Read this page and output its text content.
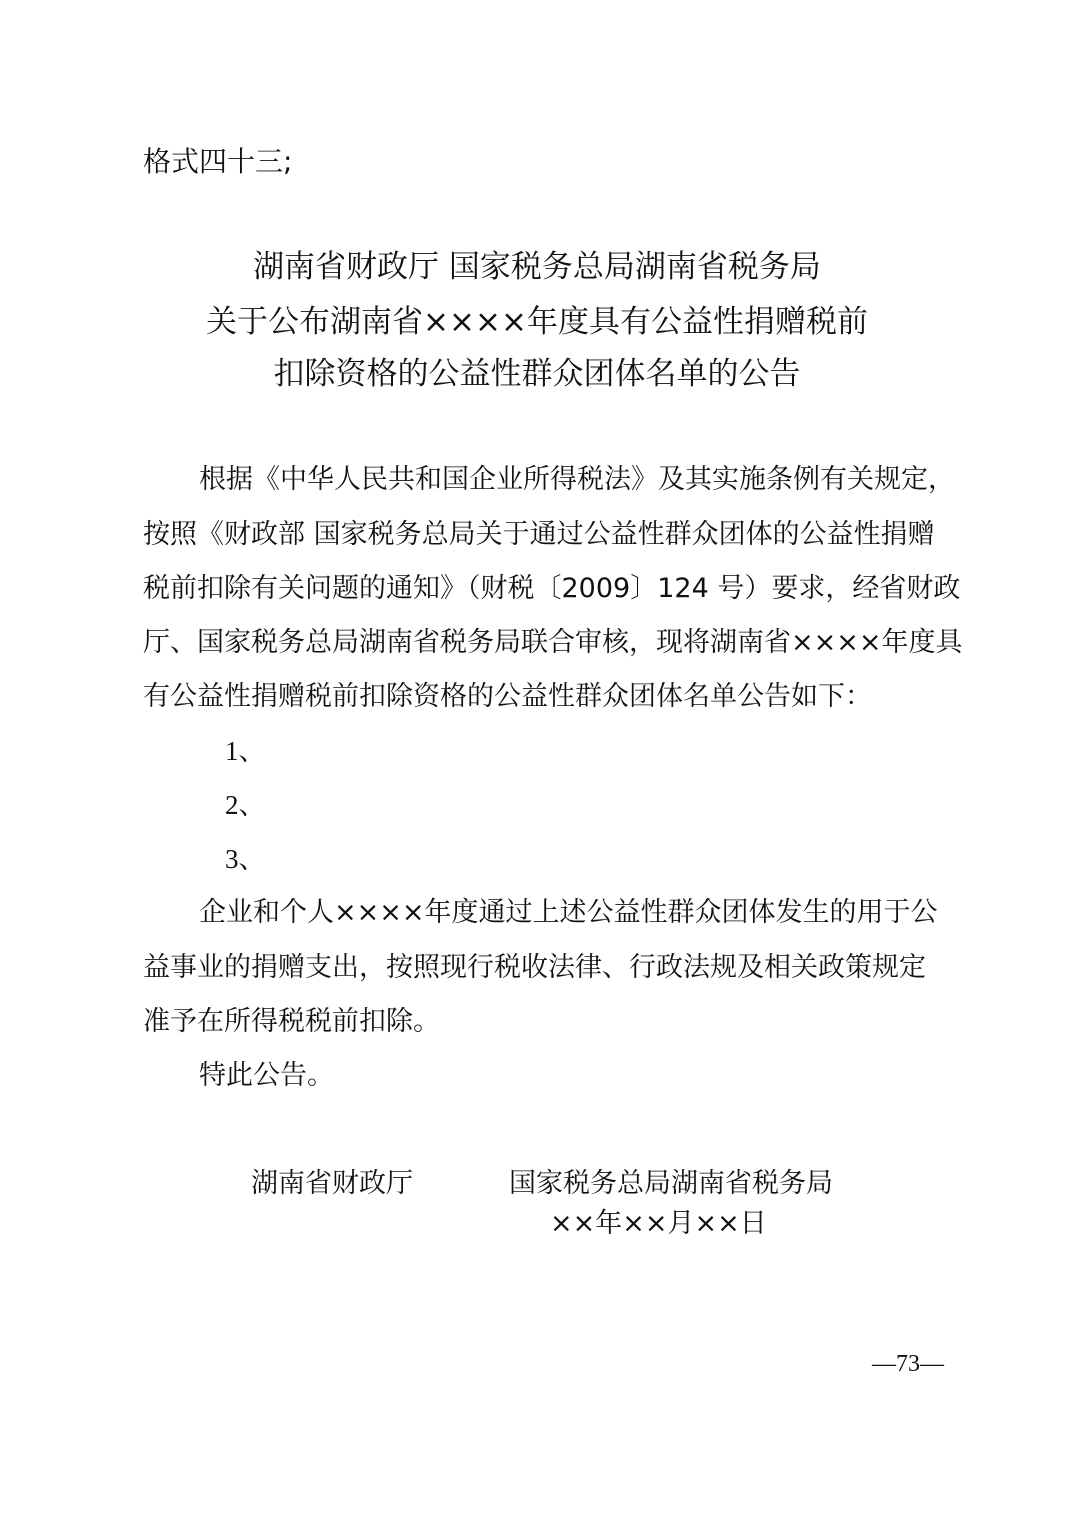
格式四十三;
湖南省财政厅 国家税务总局湖南省税务局
关于公布湖南省××××年度具有公益性捐赠税前
扣除资格的公益性群众团体名单的公告
根据《中华人民共和国企业所得税法》及其实施条例有关规定，
按照《财政部 国家税务总局关于通过公益性群众团体的公益性捐赠
税前扣除有关问题的通知》（财税〔2009〕124 号）要求，经省财政
厅、国家税务总局湖南省税务局联合审核，现将湖南省××××年度具
有公益性捐赠税前扣除资格的公益性群众团体名单公告如下：
1、
2、
3、
企业和个人××××年度通过上述公益性群众团体发生的用于公
益事业的捐赠支出，按照现行税收法律、行政法规及相关政策规定
准予在所得税税前扣除。
特此公告。
湖南省财政厅	国家税务总局湖南省税务局
××年××月××日
—73—
